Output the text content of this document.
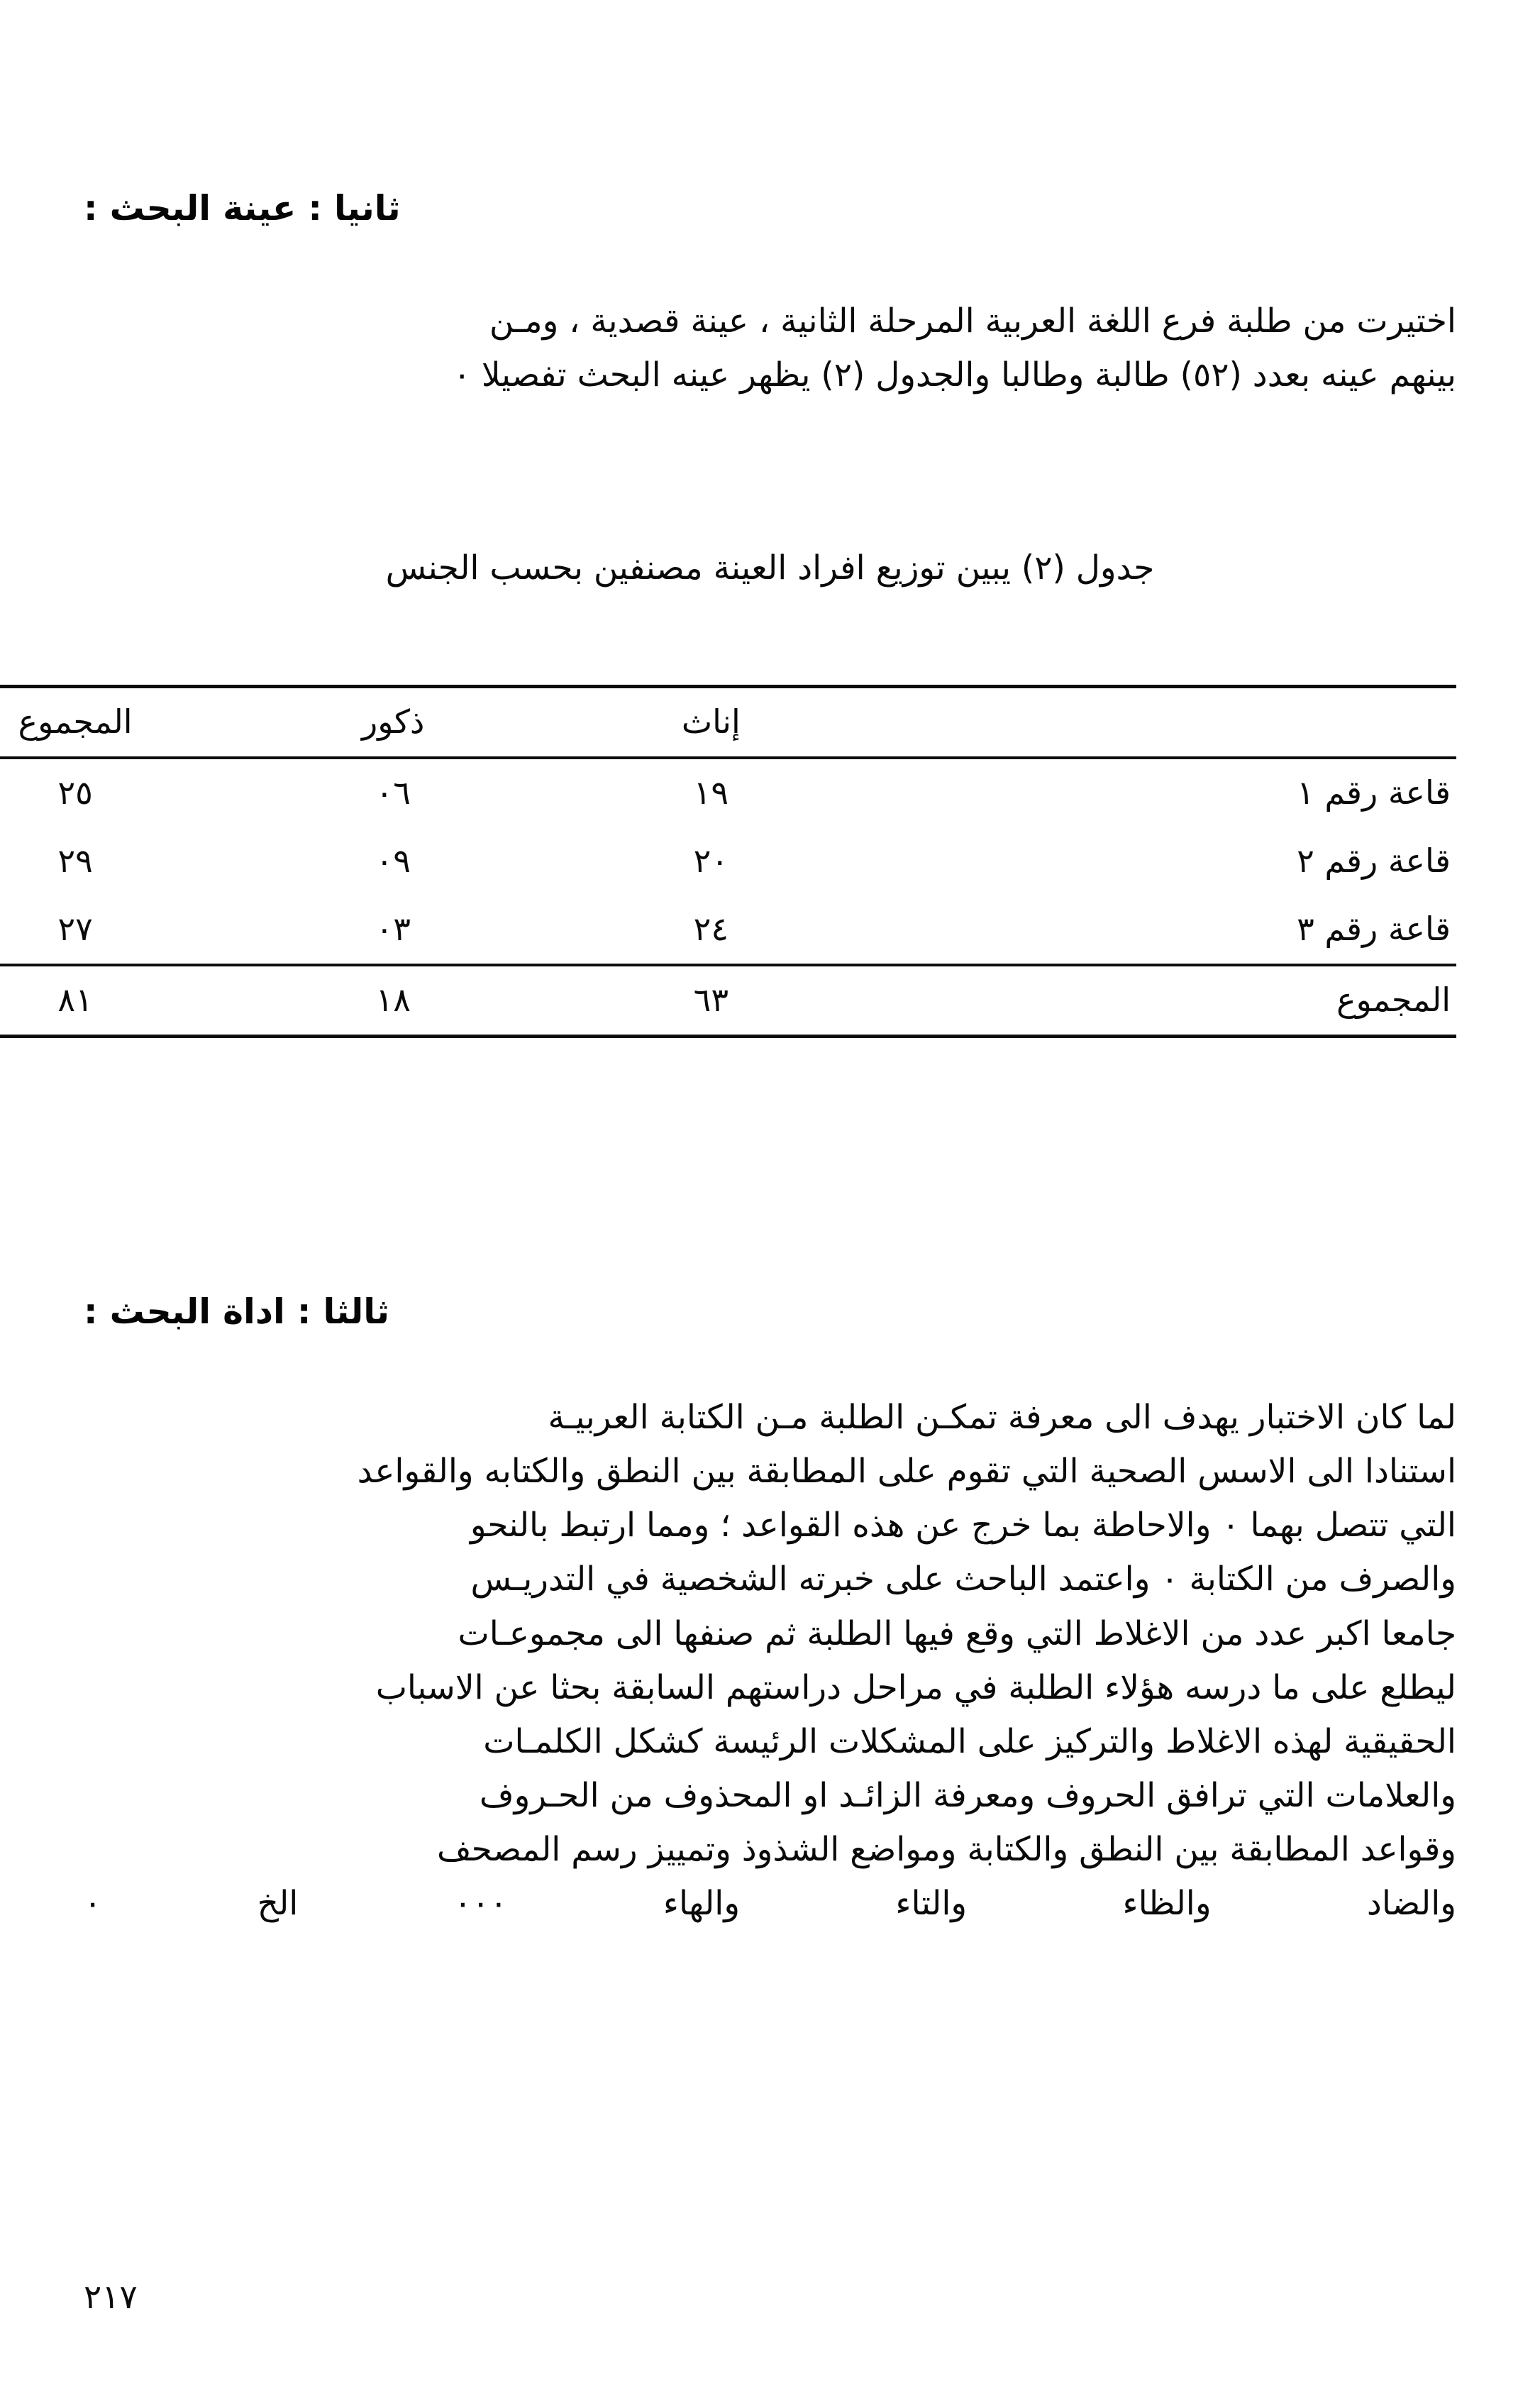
ثانيا : عينة البحث :
اختيرت من طلبة فرع اللغة العربية المرحلة الثانية ، عينة قصدية ، ومـن
بينهم عينه بعدد (٥٢) طالبة وطالبا والجدول (٢) يظهر عينه البحث تفصيلا ٠
جدول (٢) يبين توزيع افراد العينة مصنفين بحسب الجنس
	إناث	ذكور	المجموع
قاعة رقم ١	١٩	٠٦	٢٥
قاعة رقم ٢	٢٠	٠٩	٢٩
قاعة رقم ٣	٢٤	٠٣	٢٧
المجموع	٦٣	١٨	٨١
ثالثا : اداة البحث :
لما كان الاختبار يهدف الى معرفة تمكـن الطلبة مـن الكتابة العربيـة
استنادا الى الاسس الصحية التي تقوم على المطابقة بين النطق والكتابه والقواعد
التي تتصل بهما ٠ والاحاطة بما خرج عن هذه القواعد ؛ ومما ارتبط بالنحو
والصرف من الكتابة ٠ واعتمد الباحث على خبرته الشخصية في التدريـس
جامعا اكبر عدد من الاغلاط التي وقع فيها الطلبة ثم صنفها الى مجموعـات
ليطلع على ما درسه هؤلاء الطلبة في مراحل دراستهم السابقة بحثا عن الاسباب
الحقيقية لهذه الاغلاط والتركيز على المشكلات الرئيسة كشكل الكلمـات
والعلامات التي ترافق الحروف ومعرفة الزائـد او المحذوف من الحـروف
وقواعد المطابقة بين النطق والكتابة ومواضع الشذوذ وتمييز رسم المصحف
والضاد والظاء والتاء والهاء ٠٠٠ الخ ٠
٢١٧
